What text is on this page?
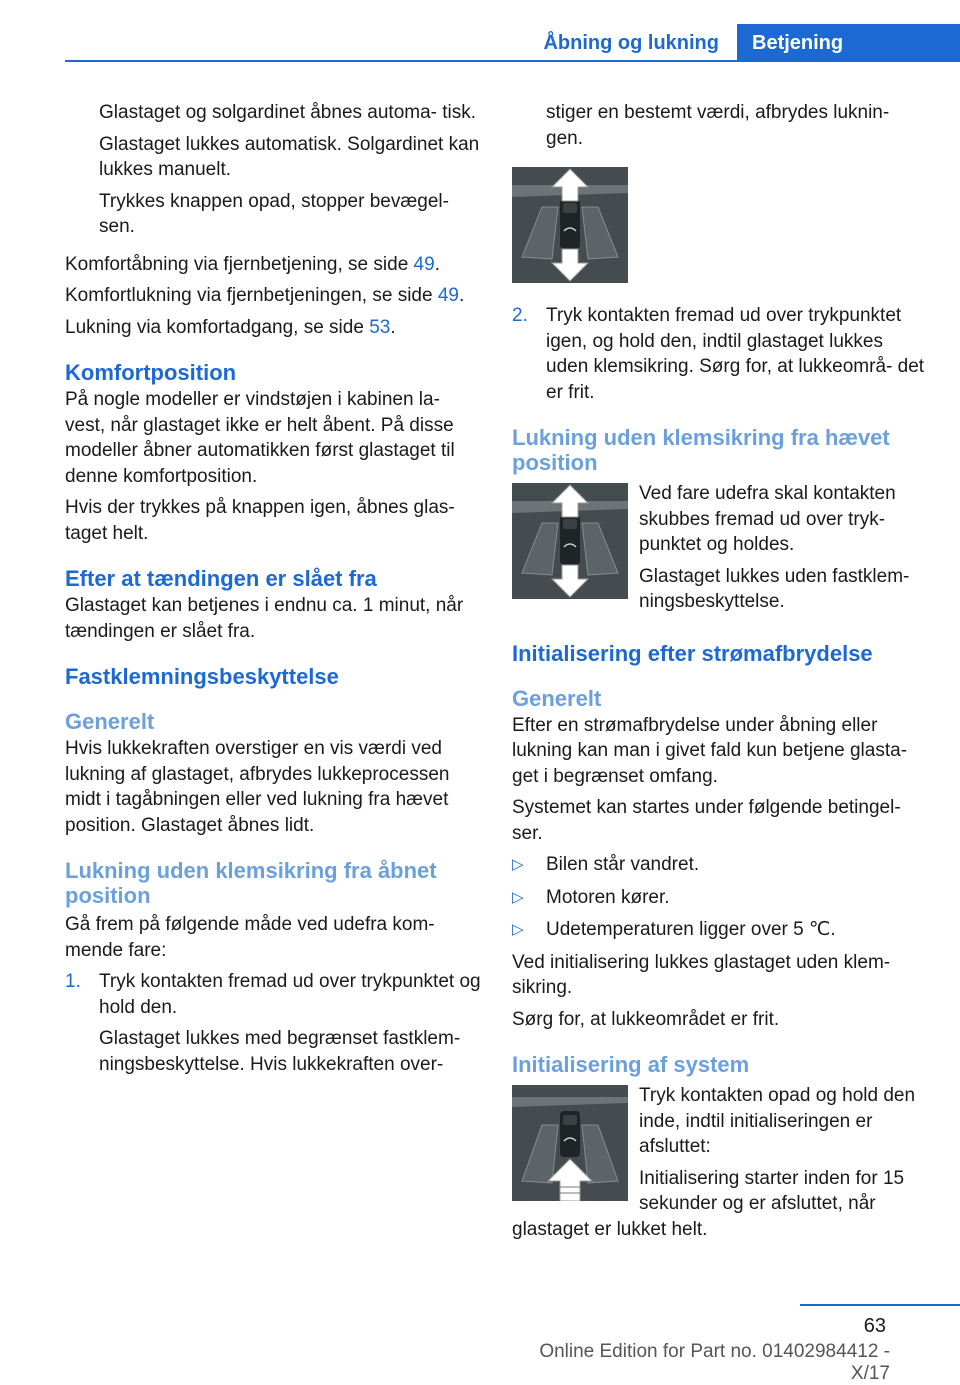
Åbning og lukning	Betjening

Glastaget og solgardinet åbnes automa‐ tisk.

Glastaget lukkes automatisk. Solgardinet kan lukkes manuelt.

Trykkes knappen opad, stopper bevægel‐ sen.

Komfortåbning via fjernbetjening, se side 49.

Komfortlukning via fjernbetjeningen, se side 49.

Lukning via komfortadgang, se side 53.

Komfortposition

På nogle modeller er vindstøjen i kabinen la‐ vest, når glastaget ikke er helt åbent. På disse modeller åbner automatikken først glastaget til denne komfortposition.

Hvis der trykkes på knappen igen, åbnes glas‐ taget helt.

Efter at tændingen er slået fra

Glastaget kan betjenes i endnu ca. 1 minut, når tændingen er slået fra.

Fastklemningsbeskyttelse
Generelt

Hvis lukkekraften overstiger en vis værdi ved lukning af glastaget, afbrydes lukkeprocessen midt i tagåbningen eller ved lukning fra hævet position. Glastaget åbnes lidt.

Lukning uden klemsikring fra åbnet position

Gå frem på følgende måde ved udefra kom‐ mende fare:

1. Tryk kontakten fremad ud over trykpunktet og hold den.

Glastaget lukkes med begrænset fastklem‐ ningsbeskyttelse. Hvis lukkekraften over‐

stiger en bestemt værdi, afbrydes luknin‐ gen.

2. Tryk kontakten fremad ud over trykpunktet igen, og hold den, indtil glastaget lukkes uden klemsikring. Sørg for, at lukkeområ‐ det er frit.
Lukning uden klemsikring fra hævet position

Ved fare udefra skal kontakten skubbes fremad ud over tryk‐ punktet og holdes.

Glastaget lukkes uden fastklem‐ ningsbeskyttelse.

Initialisering efter strømafbrydelse
Generelt

Efter en strømafbrydelse under åbning eller lukning kan man i givet fald kun betjene glasta‐ get i begrænset omfang.

Systemet kan startes under følgende betingel‐ ser.

▷	Bilen står vandret.
▷	Motoren kører.
▷	Udetemperaturen ligger over 5 ℃.

Ved initialisering lukkes glastaget uden klem‐ sikring.

Sørg for, at lukkeområdet er frit.

Initialisering af system

Tryk kontakten opad og hold den inde, indtil initialiseringen er afsluttet:

Initialisering starter inden for 15 sekunder og er afsluttet, når glastaget er lukket helt.

63
Online Edition for Part no. 01402984412 - X/17
